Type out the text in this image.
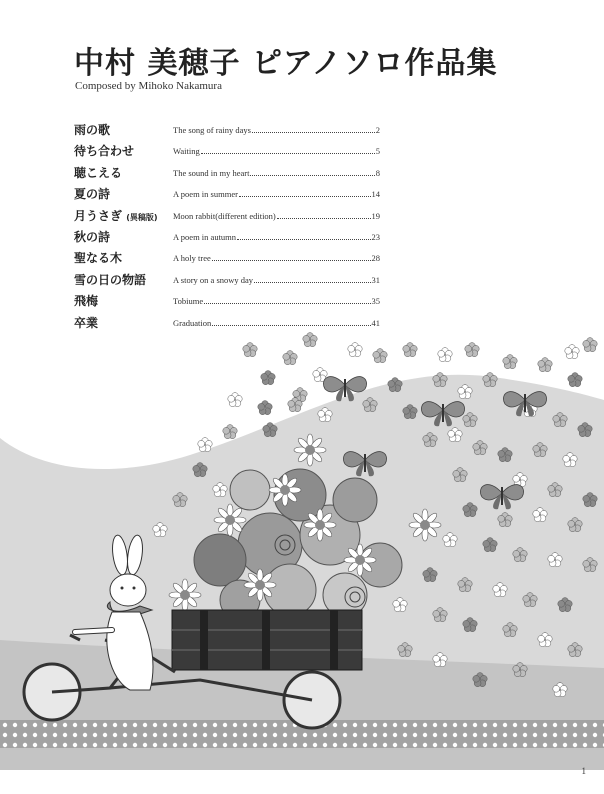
中村 美穂子 ピアノソロ作品集
Composed by Mihoko Nakamura
雨の歌	The song of rainy days	2
待ち合わせ	Waiting	5
聴こえる	The sound in my heart	8
夏の詩	A poem in summer	14
月うさぎ (異稿版) Moon rabbit(different edition)	19
秋の詩	A poem in autumn	23
聖なる木	A holy tree	28
雪の日の物語	A story on a snowy day	31
飛梅	Tobiume	35
卒業	Graduation	41
1
